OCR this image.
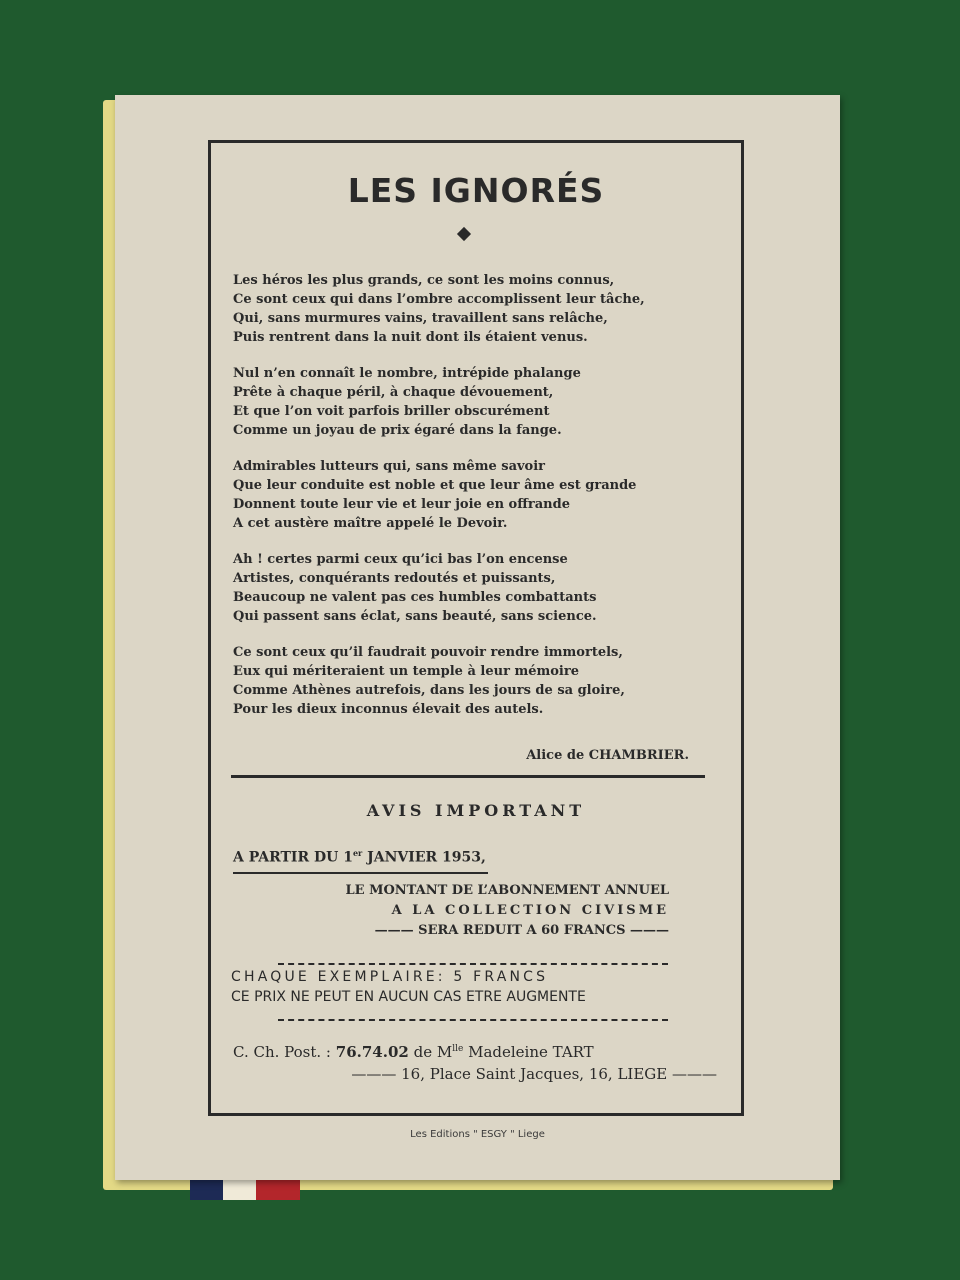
LES IGNORÉS
Les héros les plus grands, ce sont les moins connus,
Ce sont ceux qui dans l’ombre accomplissent leur tâche,
Qui, sans murmures vains, travaillent sans relâche,
Puis rentrent dans la nuit dont ils étaient venus.
Nul n’en connaît le nombre, intrépide phalange
Prête à chaque péril, à chaque dévouement,
Et que l’on voit parfois briller obscurément
Comme un joyau de prix égaré dans la fange.
Admirables lutteurs qui, sans même savoir
Que leur conduite est noble et que leur âme est grande
Donnent toute leur vie et leur joie en offrande
A cet austère maître appelé le Devoir.
Ah ! certes parmi ceux qu’ici bas l’on encense
Artistes, conquérants redoutés et puissants,
Beaucoup ne valent pas ces humbles combattants
Qui passent sans éclat, sans beauté, sans science.
Ce sont ceux qu’il faudrait pouvoir rendre immortels,
Eux qui mériteraient un temple à leur mémoire
Comme Athènes autrefois, dans les jours de sa gloire,
Pour les dieux inconnus élevait des autels.
Alice de CHAMBRIER.
AVIS IMPORTANT
A PARTIR DU 1er JANVIER 1953,
LE MONTANT DE L’ABONNEMENT ANNUEL
A LA COLLECTION CIVISME
——— SERA REDUIT A 60 FRANCS ———
CHAQUE EXEMPLAIRE: 5 FRANCS
CE PRIX NE PEUT EN AUCUN CAS ETRE AUGMENTE
C. Ch. Post. : 76.74.02 de $M^{lle}$ Madeleine TART
——— 16, Place Saint Jacques, 16, LIEGE ———
Les Editions " ESGY " Liege
